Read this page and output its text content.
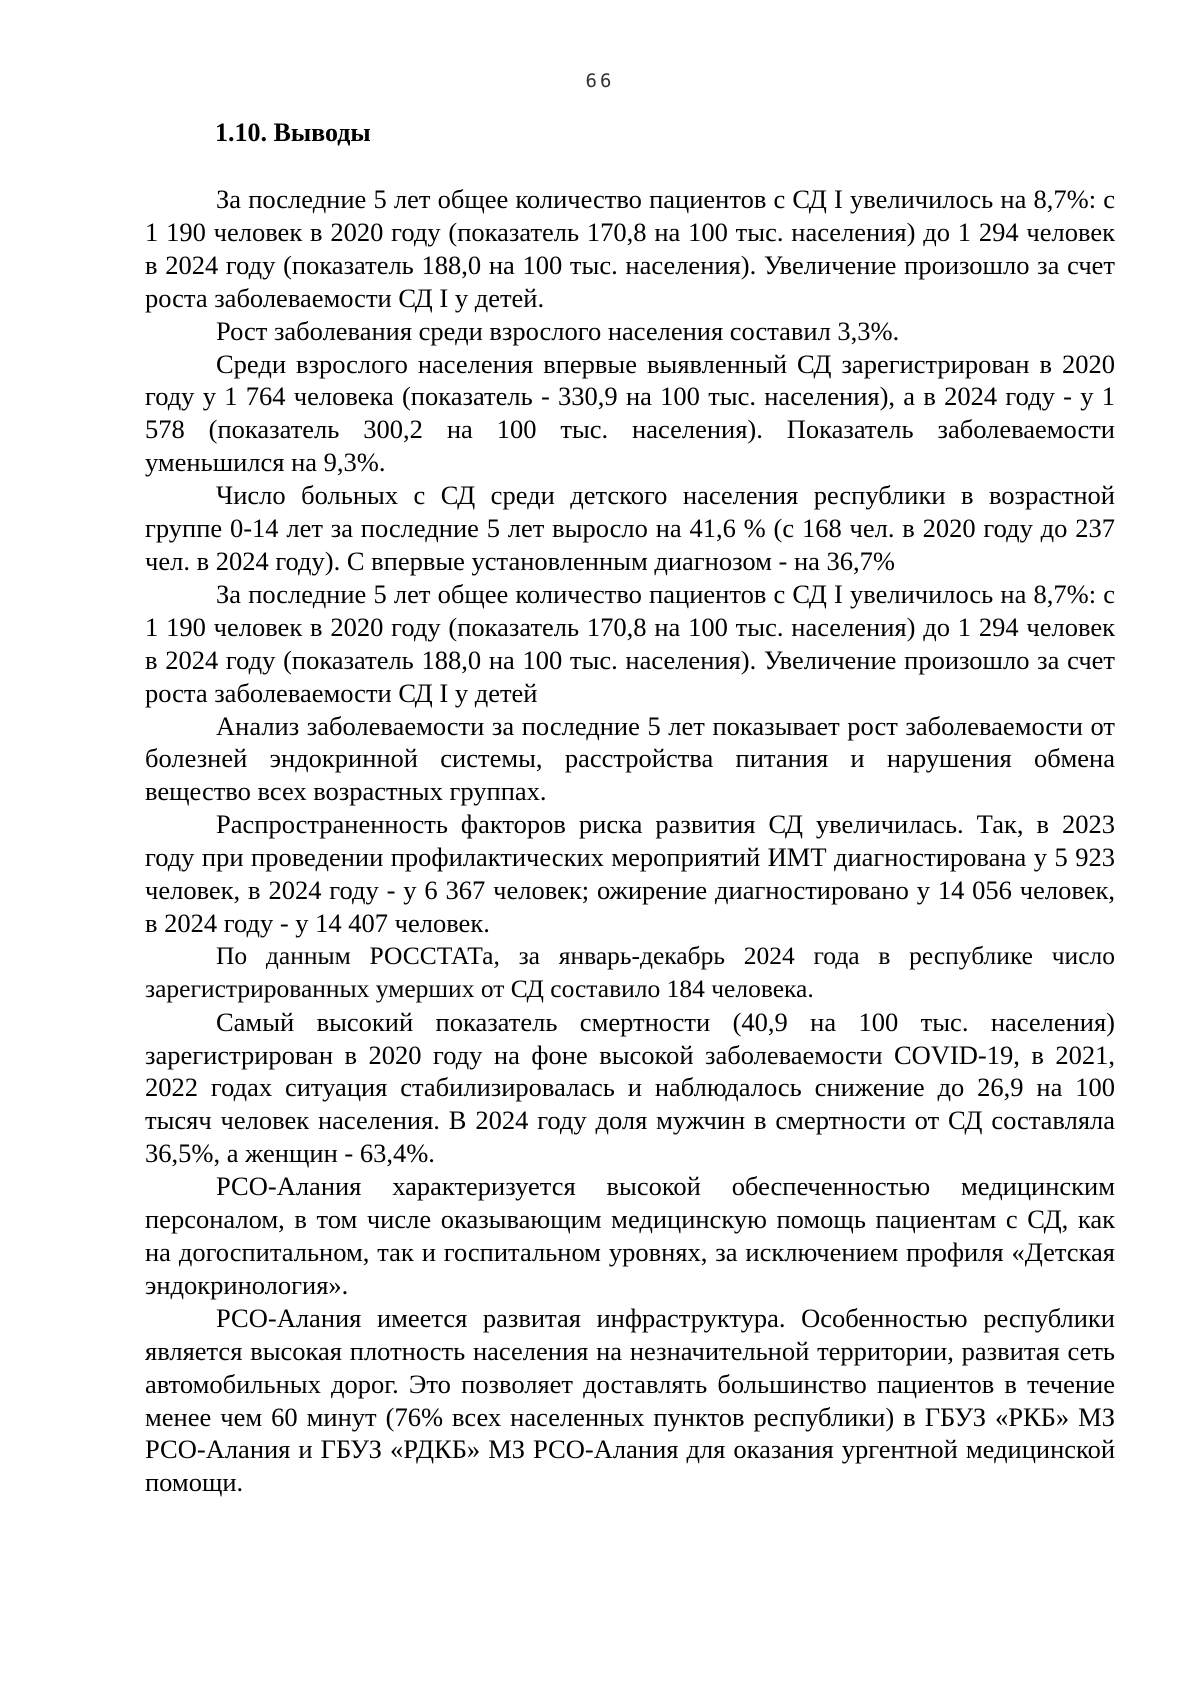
66
1.10. Выводы

За последние 5 лет общее количество пациентов с СД I увеличилось на 8,7%: с 1 190 человек в 2020 году (показатель 170,8 на 100 тыс. населения) до 1 294 человек в 2024 году (показатель 188,0 на 100 тыс. населения). Увеличение произошло за счет роста заболеваемости СД I у детей.

Рост заболевания среди взрослого населения составил 3,3%.

Среди взрослого населения впервые выявленный СД зарегистрирован в 2020 году у 1 764 человека (показатель - 330,9 на 100 тыс. населения), а в 2024 году - у 1 578 (показатель 300,2 на 100 тыс. населения). Показатель заболеваемости уменьшился на 9,3%.

Число больных с СД среди детского населения республики в возрастной группе 0-14 лет за последние 5 лет выросло на 41,6 % (с 168 чел. в 2020 году до 237 чел. в 2024 году). С впервые установленным диагнозом - на 36,7%

За последние 5 лет общее количество пациентов с СД I увеличилось на 8,7%: с 1 190 человек в 2020 году (показатель 170,8 на 100 тыс. населения) до 1 294 человек в 2024 году (показатель 188,0 на 100 тыс. населения). Увеличение произошло за счет роста заболеваемости СД I у детей

Анализ заболеваемости за последние 5 лет показывает рост заболеваемости от болезней эндокринной системы, расстройства питания и нарушения обмена вещество всех возрастных группах.

Распространенность факторов риска развития СД увеличилась. Так, в 2023 году при проведении профилактических мероприятий ИМТ диагностирована у 5 923 человек, в 2024 году - у 6 367 человек; ожирение диагностировано у 14 056 человек, в 2024 году - у 14 407 человек.

По данным РОССТАТа, за январь-декабрь 2024 года в республике число зарегистрированных умерших от СД составило 184 человека.

Самый высокий показатель смертности (40,9 на 100 тыс. населения) зарегистрирован в 2020 году на фоне высокой заболеваемости COVID-19, в 2021, 2022 годах ситуация стабилизировалась и наблюдалось снижение до 26,9 на 100 тысяч человек населения. В 2024 году доля мужчин в смертности от СД составляла 36,5%, а женщин - 63,4%.

РСО-Алания характеризуется высокой обеспеченностью медицинским персоналом, в том числе оказывающим медицинскую помощь пациентам с СД, как на догоспитальном, так и госпитальном уровнях, за исключением профиля «Детская эндокринология».

РСО-Алания имеется развитая инфраструктура. Особенностью республики является высокая плотность населения на незначительной территории, развитая сеть автомобильных дорог. Это позволяет доставлять большинство пациентов в течение менее чем 60 минут (76% всех населенных пунктов республики) в ГБУЗ «РКБ» МЗ РСО-Алания и ГБУЗ «РДКБ» МЗ РСО-Алания для оказания ургентной медицинской помощи.
